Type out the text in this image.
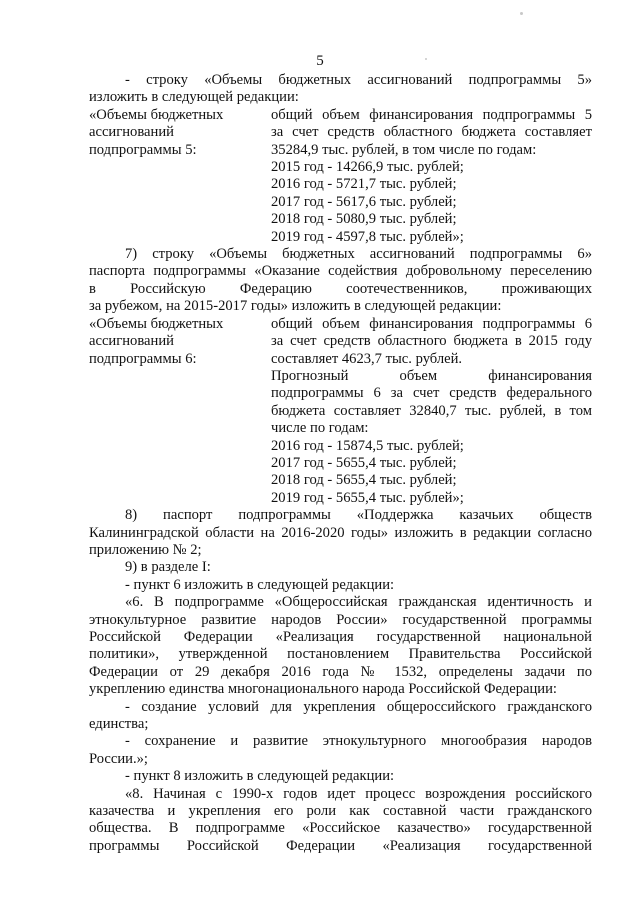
5

- строку «Объемы бюджетных ассигнований подпрограммы 5»

изложить в следующей редакции:

«Объемы бюджетных

ассигнований

подпрограммы 5:

общий объем финансирования подпрограммы 5

за счет средств областного бюджета составляет

35284,9 тыс. рублей, в том числе по годам:

2015 год - 14266,9 тыс. рублей;

2016 год - 5721,7 тыс. рублей;

2017 год - 5617,6 тыс. рублей;

2018 год - 5080,9 тыс. рублей;

2019 год - 4597,8 тыс. рублей»;

7) строку «Объемы бюджетных ассигнований подпрограммы 6»

паспорта подпрограммы «Оказание содействия добровольному переселению

в Российскую Федерацию соотечественников, проживающих

за рубежом, на 2015-2017 годы» изложить в следующей редакции:

«Объемы бюджетных

ассигнований

подпрограммы 6:

общий объем финансирования подпрограммы 6

за счет средств областного бюджета в 2015 году

составляет 4623,7 тыс. рублей.

Прогнозный объем финансирования

подпрограммы 6 за счет средств федерального

бюджета составляет 32840,7 тыс. рублей, в том

числе по годам:

2016 год - 15874,5 тыс. рублей;

2017 год - 5655,4 тыс. рублей;

2018 год - 5655,4 тыс. рублей;

2019 год - 5655,4 тыс. рублей»;

8) паспорт подпрограммы «Поддержка казачьих обществ

Калининградской области на 2016-2020 годы» изложить в редакции согласно

приложению № 2;

9) в разделе I:

- пункт 6 изложить в следующей редакции:

«6. В подпрограмме «Общероссийская гражданская идентичность и

этнокультурное развитие народов России» государственной программы

Российской Федерации «Реализация государственной национальной

политики», утвержденной постановлением Правительства Российской

Федерации от 29 декабря 2016 года № 1532, определены задачи по

укреплению единства многонационального народа Российской Федерации:

- создание условий для укрепления общероссийского гражданского

единства;

- сохранение и развитие этнокультурного многообразия народов

России.»;

- пункт 8 изложить в следующей редакции:

«8. Начиная с 1990-х годов идет процесс возрождения российского

казачества и укрепления его роли как составной части гражданского

общества. В подпрограмме «Российское казачество» государственной

программы Российской Федерации «Реализация государственной
